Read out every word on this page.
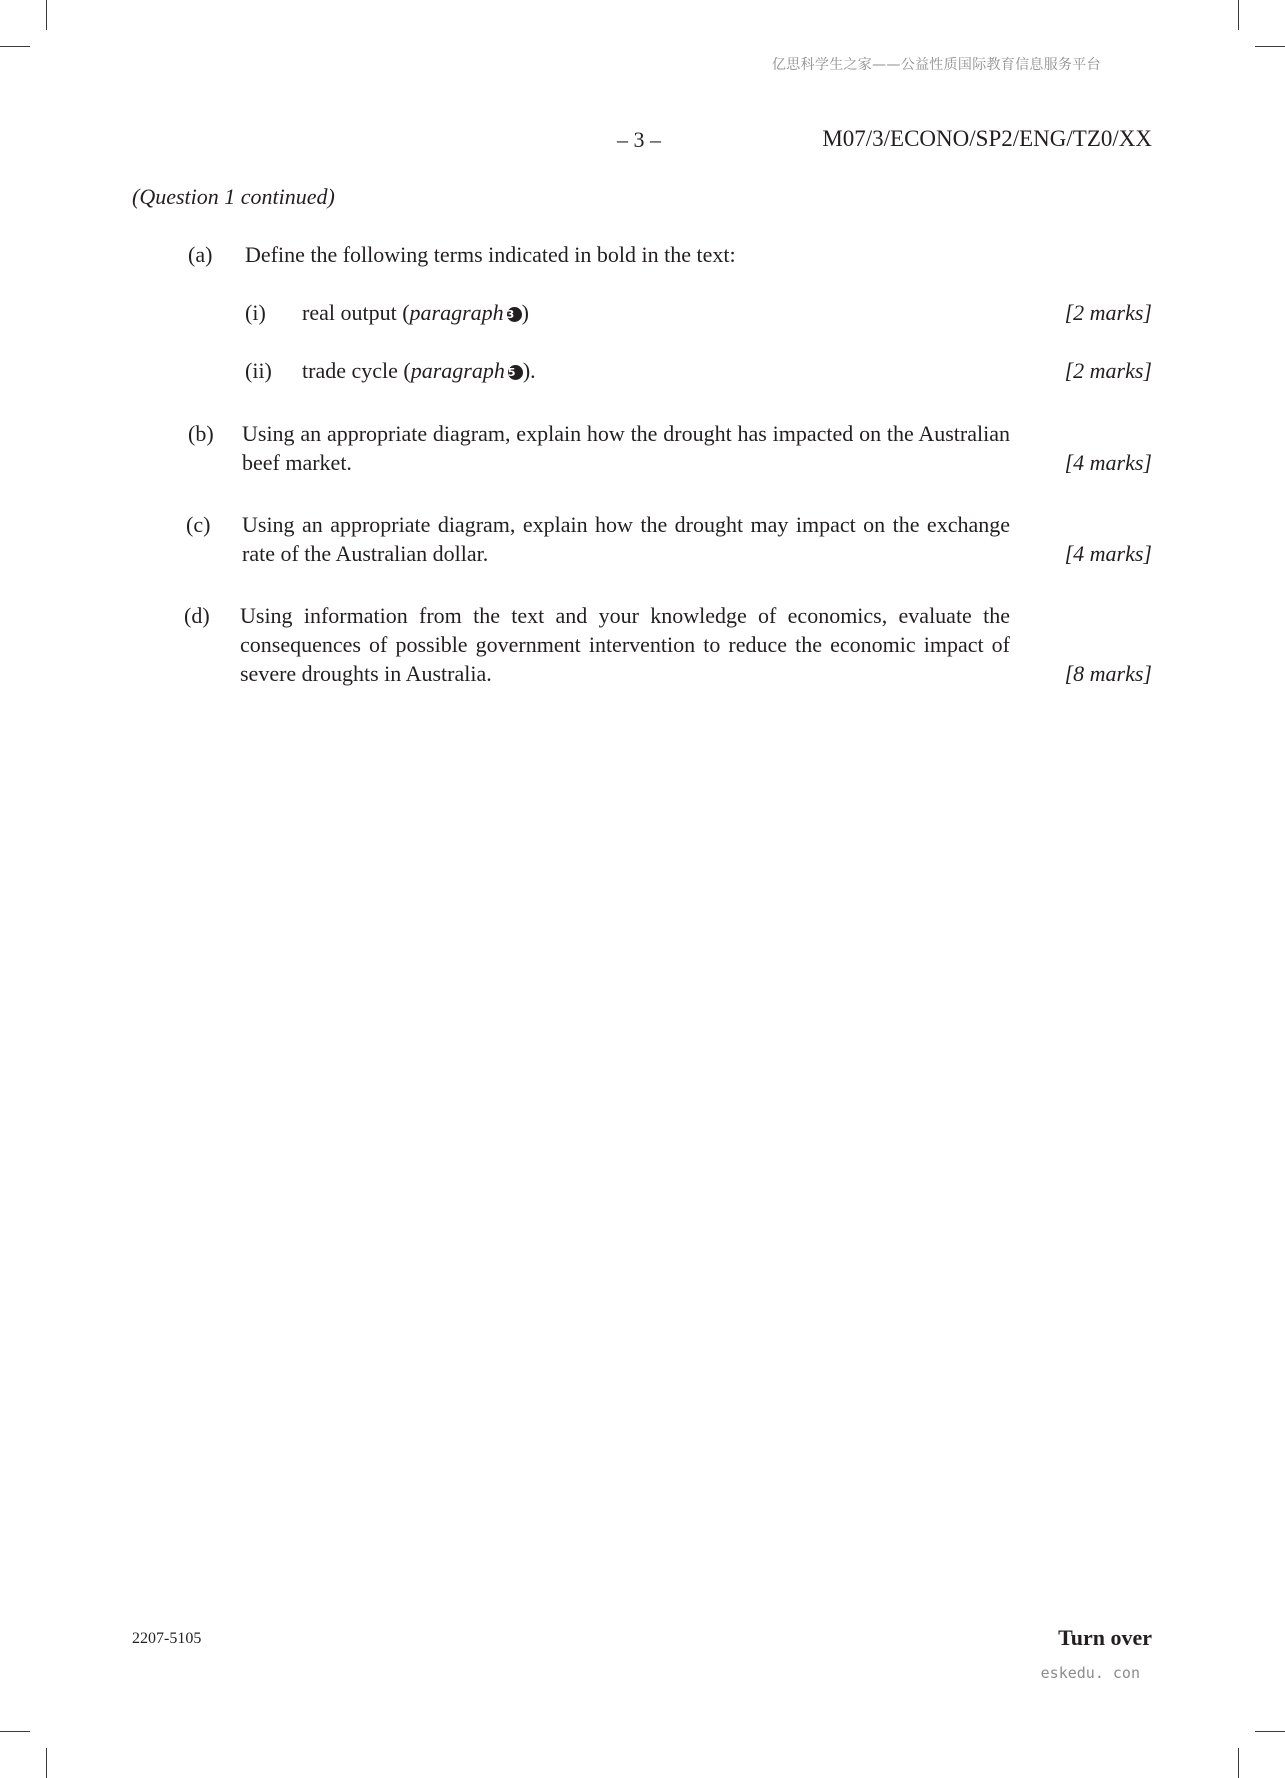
亿思科学生之家——公益性质国际教育信息服务平台
– 3 –	M07/3/ECONO/SP2/ENG/TZ0/XX
(Question 1 continued)
(a) Define the following terms indicated in bold in the text:
(i) real output (paragraph 3 )	[2 marks]
(ii) trade cycle (paragraph 5 ).	[2 marks]
(b) Using an appropriate diagram, explain how the drought has impacted on the Australian beef market.	[4 marks]
(c) Using an appropriate diagram, explain how the drought may impact on the exchange rate of the Australian dollar.	[4 marks]
(d) Using information from the text and your knowledge of economics, evaluate the consequences of possible government intervention to reduce the economic impact of severe droughts in Australia.	[8 marks]
2207-5105	Turn over
eskedu. con
